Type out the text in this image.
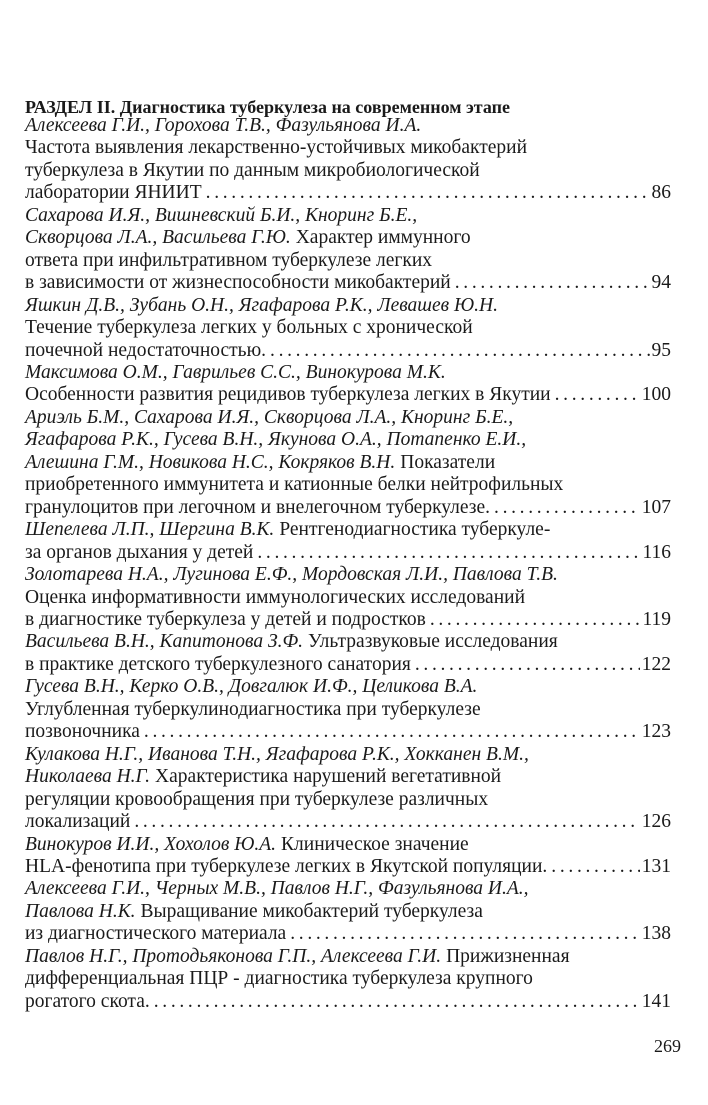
РАЗДЕЛ II. Диагностика туберкулеза на современном этапе
Алексеева Г.И., Горохова Т.В., Фазульянова И.А.
Частота выявления лекарственно-устойчивых микобактерий
туберкулеза в Якутии по данным микробиологической
лаборатории ЯНИИТ . . .	86
Сахарова И.Я., Вишневский Б.И., Кноринг Б.Е.,
Скворцова Л.А., Васильева Г.Ю. Характер иммунного
ответа при инфильтративном туберкулезе легких
в зависимости от жизнеспособности микобактерий . . .	94
Яшкин Д.В., Зубань О.Н., Ягафарова Р.К., Левашев Ю.Н.
Течение туберкулеза легких у больных с хронической
почечной недостаточностью. . . .	95
Максимова О.М., Гаврильев С.С., Винокурова М.К.
Особенности развития рецидивов туберкулеза легких в Якутии . . .	100
Ариэль Б.М., Сахарова И.Я., Скворцова Л.А., Кноринг Б.Е.,
Ягафарова Р.К., Гусева В.Н., Якунова О.А., Потапенко Е.И.,
Алешина Г.М., Новикова Н.С., Кокряков В.Н. Показатели
приобретенного иммунитета и катионные белки нейтрофильных
гранулоцитов при легочном и внелегочном туберкулезе. . . .	107
Шепелева Л.П., Шергина В.К. Рентгенодиагностика туберкуле-
за органов дыхания у детей . . .	116
Золотарева Н.А., Лугинова Е.Ф., Мордовская Л.И., Павлова Т.В.
Оценка информативности иммунологических исследований
в диагностике туберкулеза у детей и подростков . . .	119
Васильева В.Н., Капитонова З.Ф. Ультразвуковые исследования
в практике детского туберкулезного санатория . . .	122
Гусева В.Н., Керко О.В., Довгалюк И.Ф., Целикова В.А.
Углубленная туберкулинодиагностика при туберкулезе
позвоночника . . .	123
Кулакова Н.Г., Иванова Т.Н., Ягафарова Р.К., Хокканен В.М.,
Николаева Н.Г. Характеристика нарушений вегетативной
регуляции кровообращения при туберкулезе различных
локализаций . . .	126
Винокуров И.И., Хохолов Ю.А. Клиническое значение
HLA-фенотипа при туберкулезе легких в Якутской популяции. . . .	131
Алексеева Г.И., Черных М.В., Павлов Н.Г., Фазульянова И.А.,
Павлова Н.К. Выращивание микобактерий туберкулеза
из диагностического материала . . .	138
Павлов Н.Г., Протодьяконова Г.П., Алексеева Г.И. Прижизненная
дифференциальная ПЦР - диагностика туберкулеза крупного
рогатого скота. . . .	141
269
